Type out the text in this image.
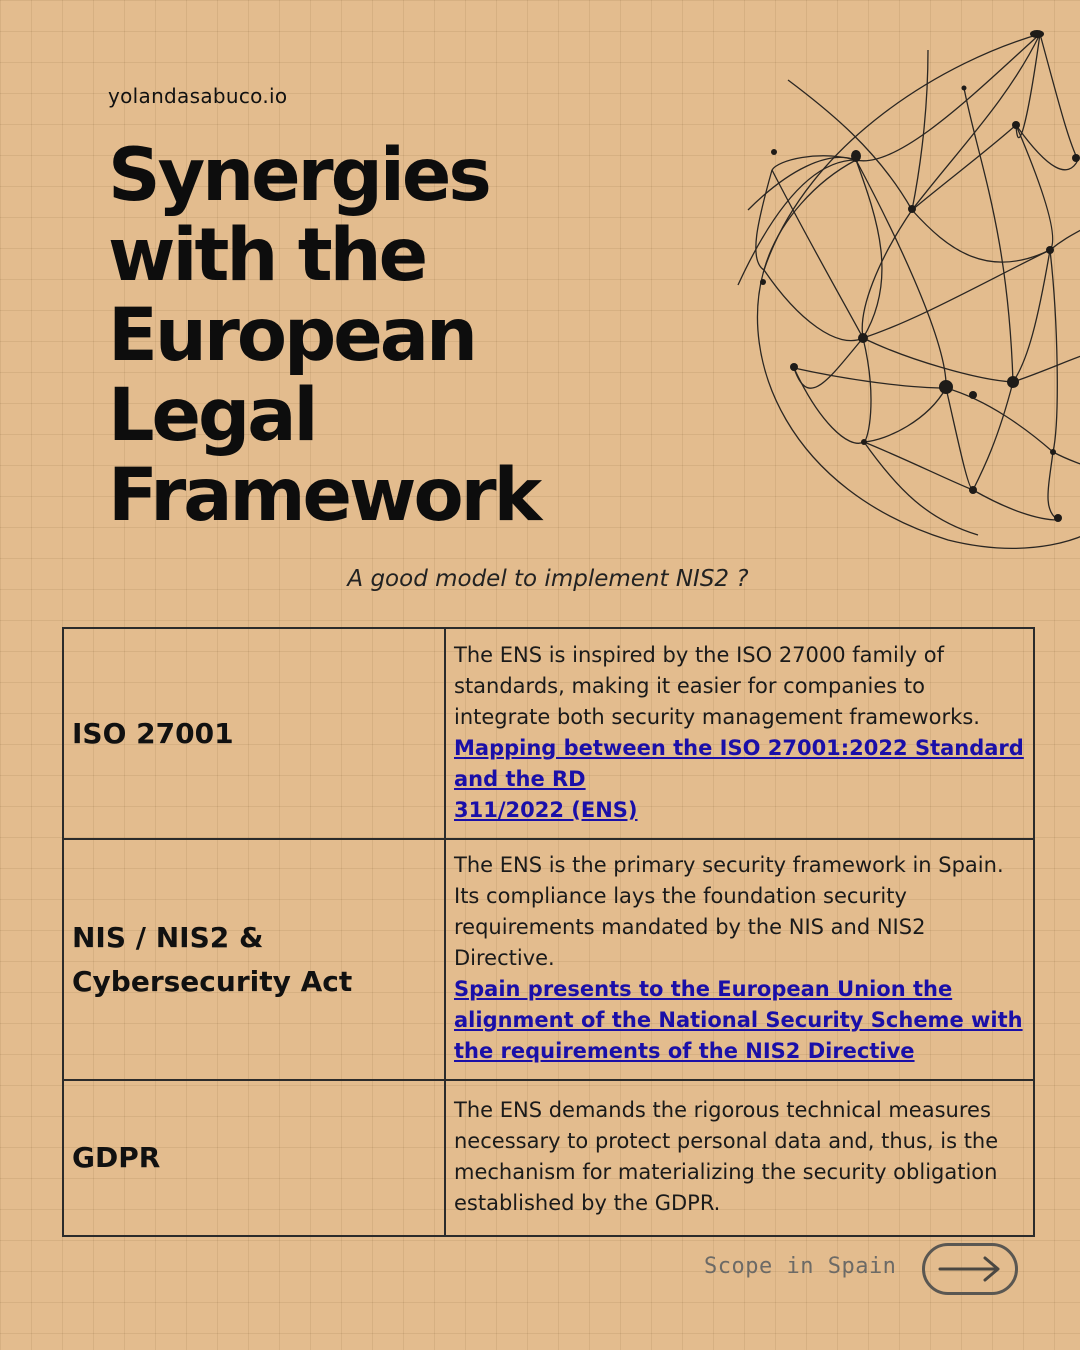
yolandasabuco.io
Synergies
with the
European
Legal
Framework
A good model to implement NIS2 ?
ISO 27001	The ENS is inspired by the ISO 27000 family of standards, making it easier for companies to integrate both security management frameworks.
Mapping between the ISO 27001:2022 Standard and the RD
311/2022 (ENS)

NIS / NIS2 & Cybersecurity Act	The ENS is the primary security framework in Spain. Its compliance lays the foundation security requirements mandated by the NIS and NIS2 Directive.
Spain presents to the European Union the alignment of the National Security Scheme with the requirements of the NIS2 Directive

GDPR	The ENS demands the rigorous technical measures necessary to protect personal data and, thus, is the mechanism for materializing the security obligation established by the GDPR.
Scope in Spain
